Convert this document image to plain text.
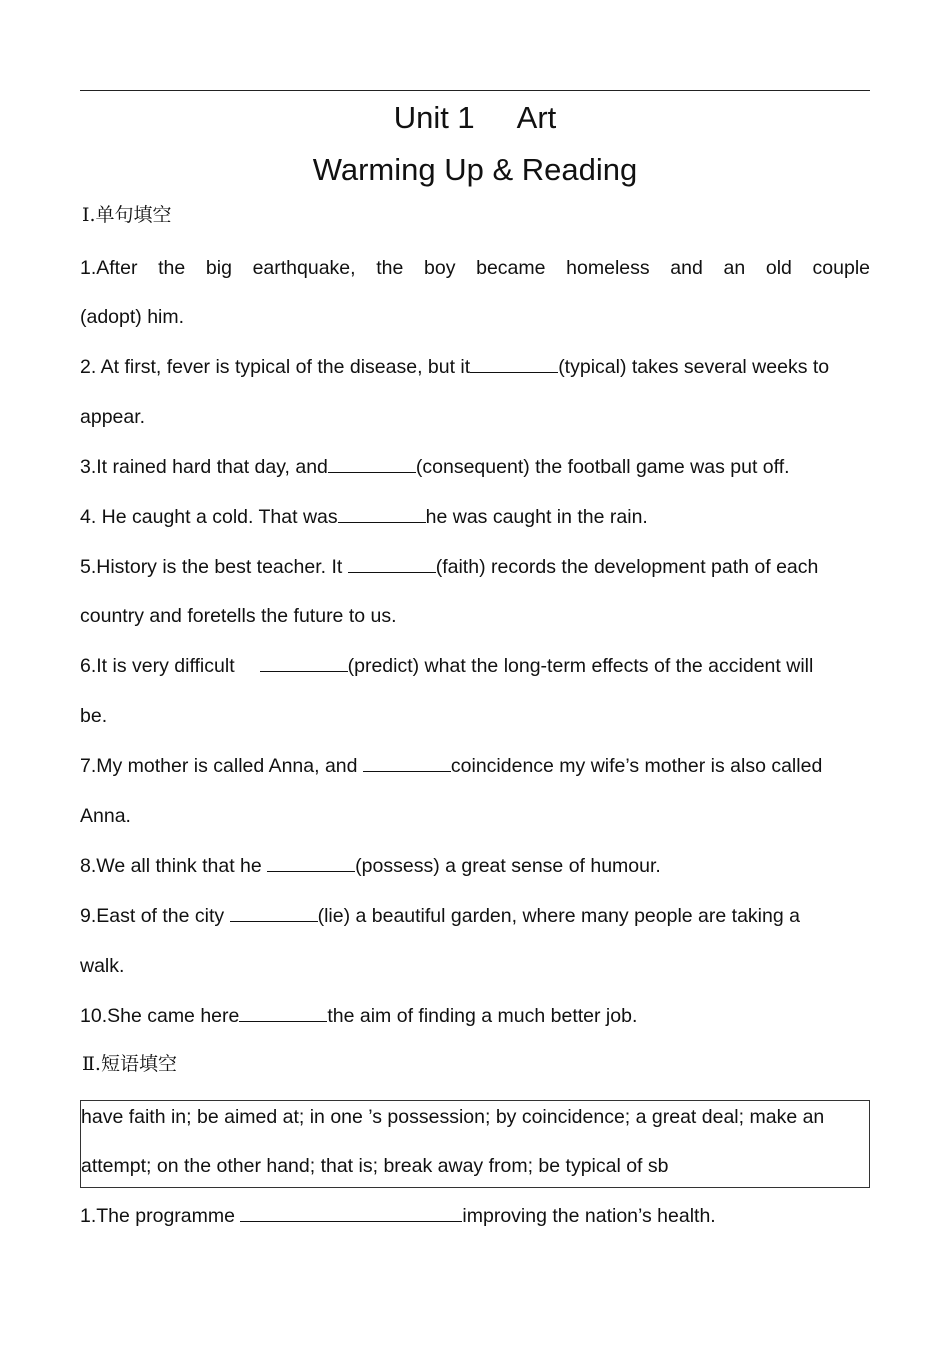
Unit 1 Art
Warming Up & Reading
Ⅰ.单句填空
1.After the big earthquake, the boy became homeless and an old couple
(adopt) him.
2. At first, fever is typical of the disease, but it	(typical) takes several weeks to
appear.
3.It rained hard that day, and	(consequent) the football game was put off.
4. He caught a cold. That was	he was caught in the rain.
5.History is the best teacher. It	(faith) records the development path of each
country and foretells the future to us.
6.It is very difficult	(predict) what the long-term effects of the accident will
be.
7.My mother is called Anna, and	coincidence my wife’s mother is also called
Anna.
8.We all think that he	(possess) a great sense of humour.
9.East of the city	(lie) a beautiful garden, where many people are taking a
walk.
10.She came here	the aim of finding a much better job.
Ⅱ.短语填空
have faith in; be aimed at; in one ’s possession; by coincidence; a great deal; make an
attempt; on the other hand; that is; break away from; be typical of sb
1.The programme	improving the nation’s health.
